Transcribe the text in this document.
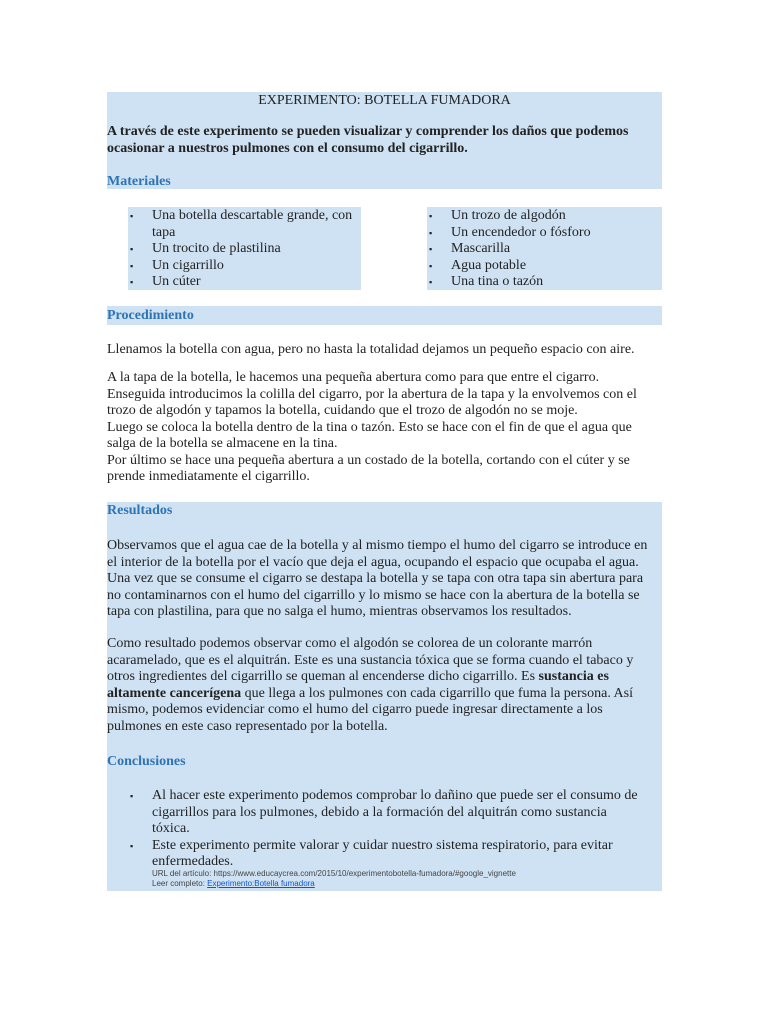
EXPERIMENTO: BOTELLA FUMADORA
A través de este experimento se pueden visualizar y comprender los daños que podemos ocasionar a nuestros pulmones con el consumo del cigarrillo.
Materiales
▪ Una botella descartable grande, con tapa
▪ Un trocito de plastilina
▪ Un cigarrillo
▪ Un cúter
▪ Un trozo de algodón
▪ Un encendedor o fósforo
▪ Mascarilla
▪ Agua potable
▪ Una tina o tazón
Procedimiento
Llenamos la botella con agua, pero no hasta la totalidad dejamos un pequeño espacio con aire.
A la tapa de la botella, le hacemos una pequeña abertura como para que entre el cigarro.
Enseguida introducimos la colilla del cigarro, por la abertura de la tapa y la envolvemos con el trozo de algodón y tapamos la botella, cuidando que el trozo de algodón no se moje.
Luego se coloca la botella dentro de la tina o tazón. Esto se hace con el fin de que el agua que salga de la botella se almacene en la tina.
Por último se hace una pequeña abertura a un costado de la botella, cortando con el cúter y se prende inmediatamente el cigarrillo.
Resultados
Observamos que el agua cae de la botella y al mismo tiempo el humo del cigarro se introduce en el interior de la botella por el vacío que deja el agua, ocupando el espacio que ocupaba el agua. Una vez que se consume el cigarro se destapa la botella y se tapa con otra tapa sin abertura para no contaminarnos con el humo del cigarrillo y lo mismo se hace con la abertura de la botella se tapa con plastilina, para que no salga el humo, mientras observamos los resultados.
Como resultado podemos observar como el algodón se colorea de un colorante marrón acaramelado, que es el alquitrán. Este es una sustancia tóxica que se forma cuando el tabaco y otros ingredientes del cigarrillo se queman al encenderse dicho cigarrillo. Es sustancia es altamente cancerígena que llega a los pulmones con cada cigarrillo que fuma la persona. Así mismo, podemos evidenciar como el humo del cigarro puede ingresar directamente a los pulmones en este caso representado por la botella.
Conclusiones
▪ Al hacer este experimento podemos comprobar lo dañino que puede ser el consumo de cigarrillos para los pulmones, debido a la formación del alquitrán como sustancia tóxica.
▪ Este experimento permite valorar y cuidar nuestro sistema respiratorio, para evitar enfermedades.
URL del artículo: https://www.educaycrea.com/2015/10/experimentobotella-fumadora/#google_vignette
Leer completo: Experimento:Botella fumadora
